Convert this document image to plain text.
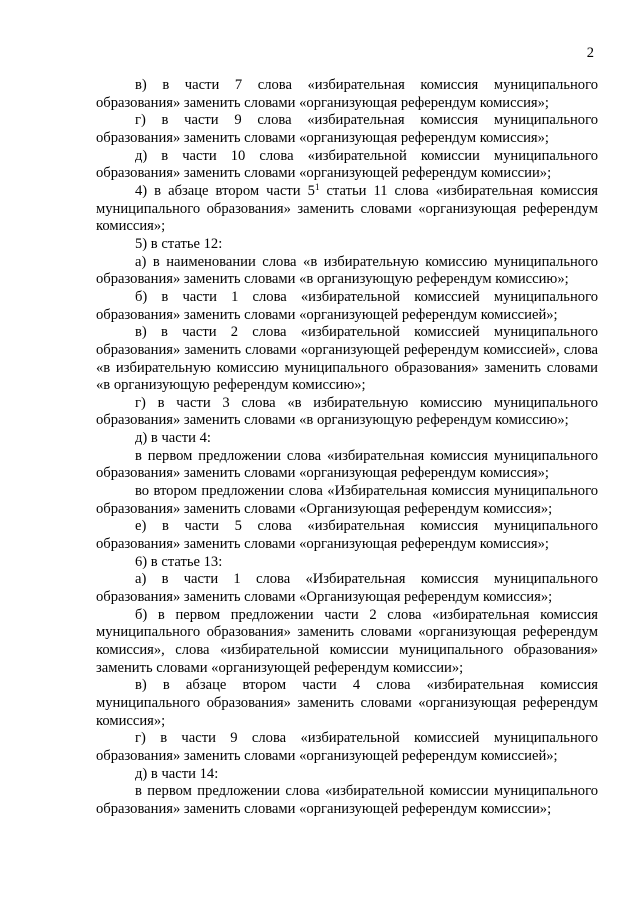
2

в) в части 7 слова «избирательная комиссия муниципального образования» заменить словами «организующая референдум комиссия»;

г) в части 9 слова «избирательная комиссия муниципального образования» заменить словами «организующая референдум комиссия»;

д) в части 10 слова «избирательной комиссии муниципального образования» заменить словами «организующей референдум комиссии»;

4) в абзаце втором части $5^1$ статьи 11 слова «избирательная комиссия муниципального образования» заменить словами «организующая референдум комиссия»;

5) в статье 12:

а) в наименовании слова «в избирательную комиссию муниципального образования» заменить словами «в организующую референдум комиссию»;

б) в части 1 слова «избирательной комиссией муниципального образования» заменить словами «организующей референдум комиссией»;

в) в части 2 слова «избирательной комиссией муниципального образования» заменить словами «организующей референдум комиссией», слова «в избирательную комиссию муниципального образования» заменить словами «в организующую референдум комиссию»;

г) в части 3 слова «в избирательную комиссию муниципального образования» заменить словами «в организующую референдум комиссию»;

д) в части 4:

в первом предложении слова «избирательная комиссия муниципального образования» заменить словами «организующая референдум комиссия»;

во втором предложении слова «Избирательная комиссия муниципального образования» заменить словами «Организующая референдум комиссия»;

е) в части 5 слова «избирательная комиссия муниципального образования» заменить словами «организующая референдум комиссия»;

6) в статье 13:

а) в части 1 слова «Избирательная комиссия муниципального образования» заменить словами «Организующая референдум комиссия»;

б) в первом предложении части 2 слова «избирательная комиссия муниципального образования» заменить словами «организующая референдум комиссия», слова «избирательной комиссии муниципального образования» заменить словами «организующей референдум комиссии»;

в) в абзаце втором части 4 слова «избирательная комиссия муниципального образования» заменить словами «организующая референдум комиссия»;

г) в части 9 слова «избирательной комиссией муниципального образования» заменить словами «организующей референдум комиссией»;

д) в части 14:

в первом предложении слова «избирательной комиссии муниципального образования» заменить словами «организующей референдум комиссии»;
